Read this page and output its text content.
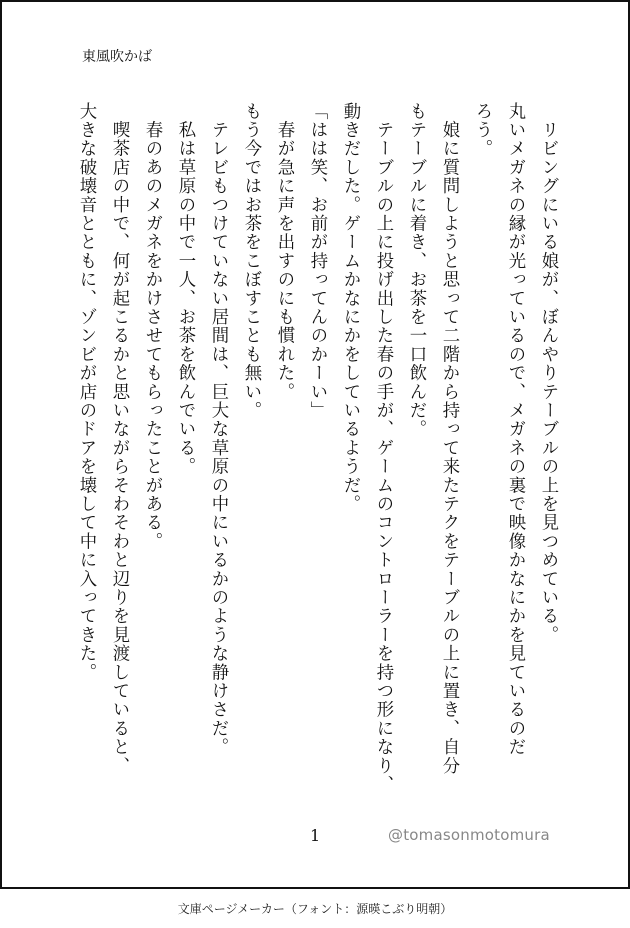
東風吹かば
　リビングにいる娘が、ぼんやりテーブルの上を見つめている。
丸いメガネの縁が光っているので、メガネの裏で映像かなにかを見ているのだ
ろう。
　娘に質問しようと思って二階から持って来たテクをテーブルの上に置き、自分
もテーブルに着き、お茶を一口飲んだ。
　テーブルの上に投げ出した春の手が、ゲームのコントローラーを持つ形になり、
動きだした。ゲームかなにかをしているようだ。
「はは笑、お前が持ってんのかーい」
　春が急に声を出すのにも慣れた。
もう今ではお茶をこぼすことも無い。
　テレビもつけていない居間は、巨大な草原の中にいるかのような静けさだ。
　私は草原の中で一人、お茶を飲んでいる。
　春のあのメガネをかけさせてもらったことがある。
　喫茶店の中で、何が起こるかと思いながらそわそわと辺りを見渡していると、
大きな破壊音とともに、ゾンビが店のドアを壊して中に入ってきた。
1	@tomasonmotomura
文庫ページメーカー（フォント：源暎こぶり明朝）
